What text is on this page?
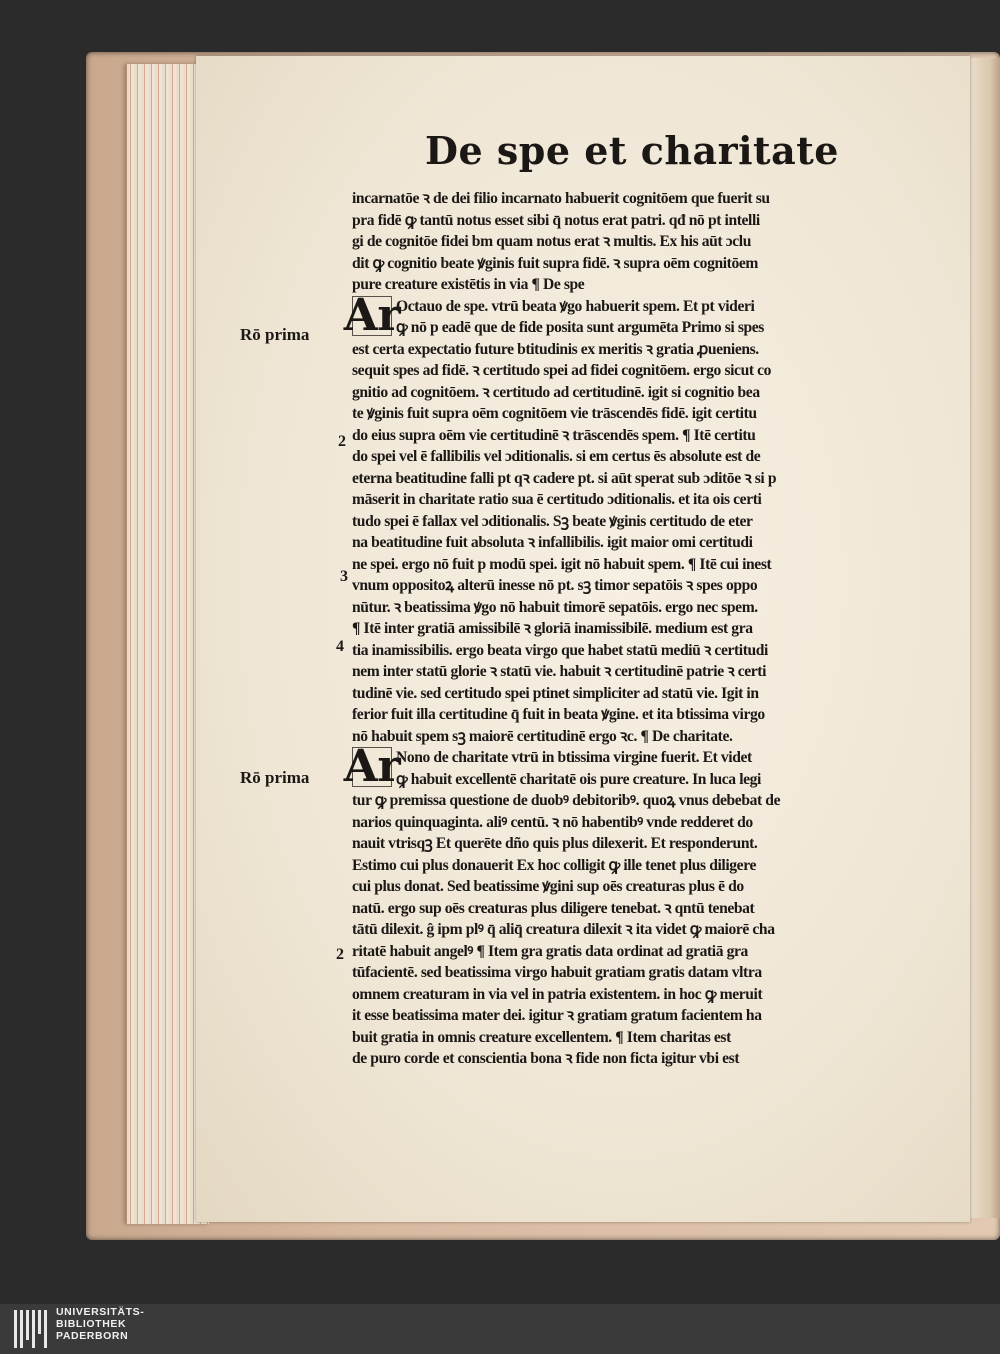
De spe et charitate
Rō prima
Rō prima
2
3
4
2
incarnatōe ꝛ de dei filio incarnato habuerit cognitōem que fuerit su
pra fidē ꝙ tantū notus esset sibi q̄ notus erat patri. qđ nō pt intelli
gi de cognitōe fidei bm quam notus erat ꝛ multis. Ex his aūt ɔclu
dit ꝙ cognitio beate ꝟginis fuit supra fidē. ꝛ supra oēm cognitōem
pure creature existētis in via ¶ De spe
Ar
Octauo de spe. vtrū beata ꝟgo habuerit spem. Et pt videri
ꝙ nō p eadē que de fide posita sunt argumēta Primo si spes
est certa expectatio future btitudinis ex meritis ꝛ gratia ꝓueniens.
sequit spes ad fidē. ꝛ certitudo spei ad fidei cognitōem. ergo sicut co
gnitio ad cognitōem. ꝛ certitudo ad certitudinē. igit si cognitio bea
te ꝟginis fuit supra oēm cognitōem vie trāscendēs fidē. igit certitu
do eius supra oēm vie certitudinē ꝛ trāscendēs spem. ¶ Itē certitu
do spei vel ē fallibilis vel ɔditionalis. si em certus ēs absolute est de
eterna beatitudine falli pt qꝛ cadere pt. si aūt sperat sub ɔditōe ꝛ si p
māserit in charitate ratio sua ē certitudo ɔditionalis. et ita ois certi
tudo spei ē fallax vel ɔditionalis. Sꝫ beate ꝟginis certitudo de eter
na beatitudine fuit absoluta ꝛ infallibilis. igit maior omi certitudi
ne spei. ergo nō fuit p modū spei. igit nō habuit spem. ¶ Itē cui inest
vnum oppositoꝝ alterū inesse nō pt. sꝫ timor sepatōis ꝛ spes oppo
nūtur. ꝛ beatissima ꝟgo nō habuit timorē sepatōis. ergo nec spem.
¶ Itē inter gratiā amissibilē ꝛ gloriā inamissibilē. medium est gra
tia inamissibilis. ergo beata virgo que habet statū mediū ꝛ certitudi
nem inter statū glorie ꝛ statū vie. habuit ꝛ certitudinē patrie ꝛ certi
tudinē vie. sed certitudo spei ptinet simpliciter ad statū vie. Igit in
ferior fuit illa certitudine q̄ fuit in beata ꝟgine. et ita btissima virgo
nō habuit spem sꝫ maiorē certitudinē ergo ꝛc. ¶ De charitate.
Ar
Nono de charitate vtrū in btissima virgine fuerit. Et videt
ꝙ habuit excellentē charitatē ois pure creature. In luca legi
tur ꝙ premissa questione de duobꝰ debitoribꝰ. quoꝝ vnus debebat de
narios quinquaginta. aliꝰ centū. ꝛ nō habentibꝰ vnde redderet do
nauit vtrisqꝫ Et querēte dño quis plus dilexerit. Et responderunt.
Estimo cui plus donauerit Ex hoc colligit ꝙ ille tenet plus diligere
cui plus donat. Sed beatissime ꝟgini sup oēs creaturas plus ē do
natū. ergo sup oēs creaturas plus diligere tenebat. ꝛ qntū tenebat
tātū dilexit. ĝ ipm plꝰ q̄ aliq̄ creatura dilexit ꝛ ita videt ꝙ maiorē cha
ritatē habuit angelꝰ ¶ Item gra gratis data ordinat ad gratiā gra
tūfacientē. sed beatissima virgo habuit gratiam gratis datam vltra
omnem creaturam in via vel in patria existentem. in hoc ꝙ meruit
it esse beatissima mater dei. igitur ꝛ gratiam gratum facientem ha
buit gratia in omnis creature excellentem. ¶ Item charitas est
de puro corde et conscientia bona ꝛ fide non ficta igitur vbi est
UNIVERSITÄTS-
BIBLIOTHEK
PADERBORN
